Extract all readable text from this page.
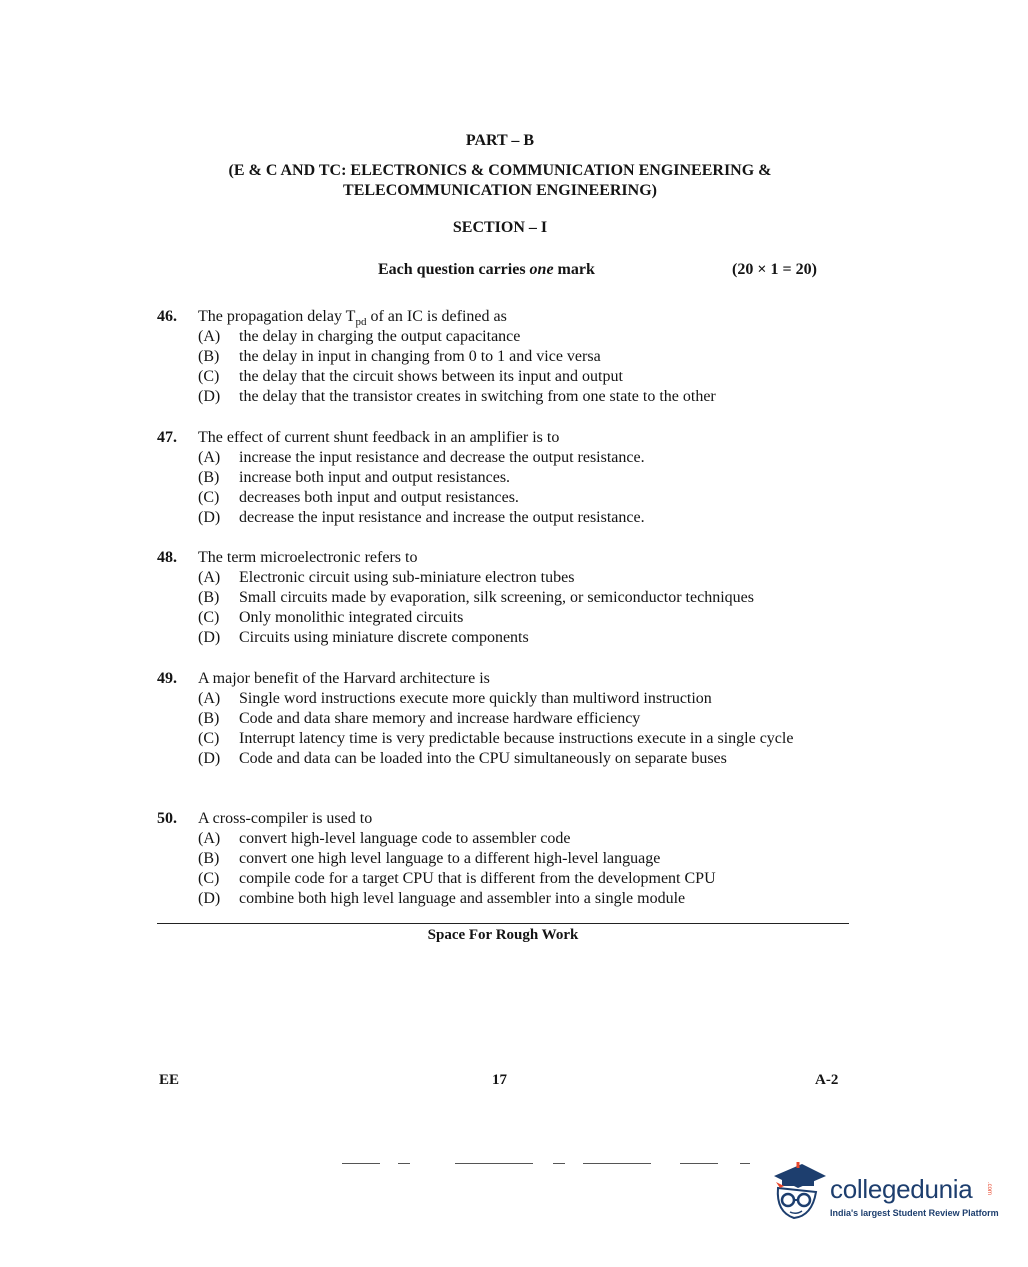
PART – B
(E & C AND TC: ELECTRONICS & COMMUNICATION ENGINEERING &
TELECOMMUNICATION ENGINEERING)
SECTION – I
Each question carries one mark	(20 × 1 = 20)
46. The propagation delay $T_{pd}$ of an IC is defined as
(A) the delay in charging the output capacitance
(B) the delay in input in changing from 0 to 1 and vice versa
(C) the delay that the circuit shows between its input and output
(D) the delay that the transistor creates in switching from one state to the other
47. The effect of current shunt feedback in an amplifier is to
(A) increase the input resistance and decrease the output resistance.
(B) increase both input and output resistances.
(C) decreases both input and output resistances.
(D) decrease the input resistance and increase the output resistance.
48. The term microelectronic refers to
(A) Electronic circuit using sub-miniature electron tubes
(B) Small circuits made by evaporation, silk screening, or semiconductor techniques
(C) Only monolithic integrated circuits
(D) Circuits using miniature discrete components
49. A major benefit of the Harvard architecture is
(A) Single word instructions execute more quickly than multiword instruction
(B) Code and data share memory and increase hardware efficiency
(C) Interrupt latency time is very predictable because instructions execute in a single cycle
(D) Code and data can be loaded into the CPU simultaneously on separate buses
50. A cross-compiler is used to
(A) convert high-level language code to assembler code
(B) convert one high level language to a different high-level language
(C) compile code for a target CPU that is different from the development CPU
(D) combine both high level language and assembler into a single module
Space For Rough Work
EE	17	A-2
collegedunia .com
India's largest Student Review Platform
